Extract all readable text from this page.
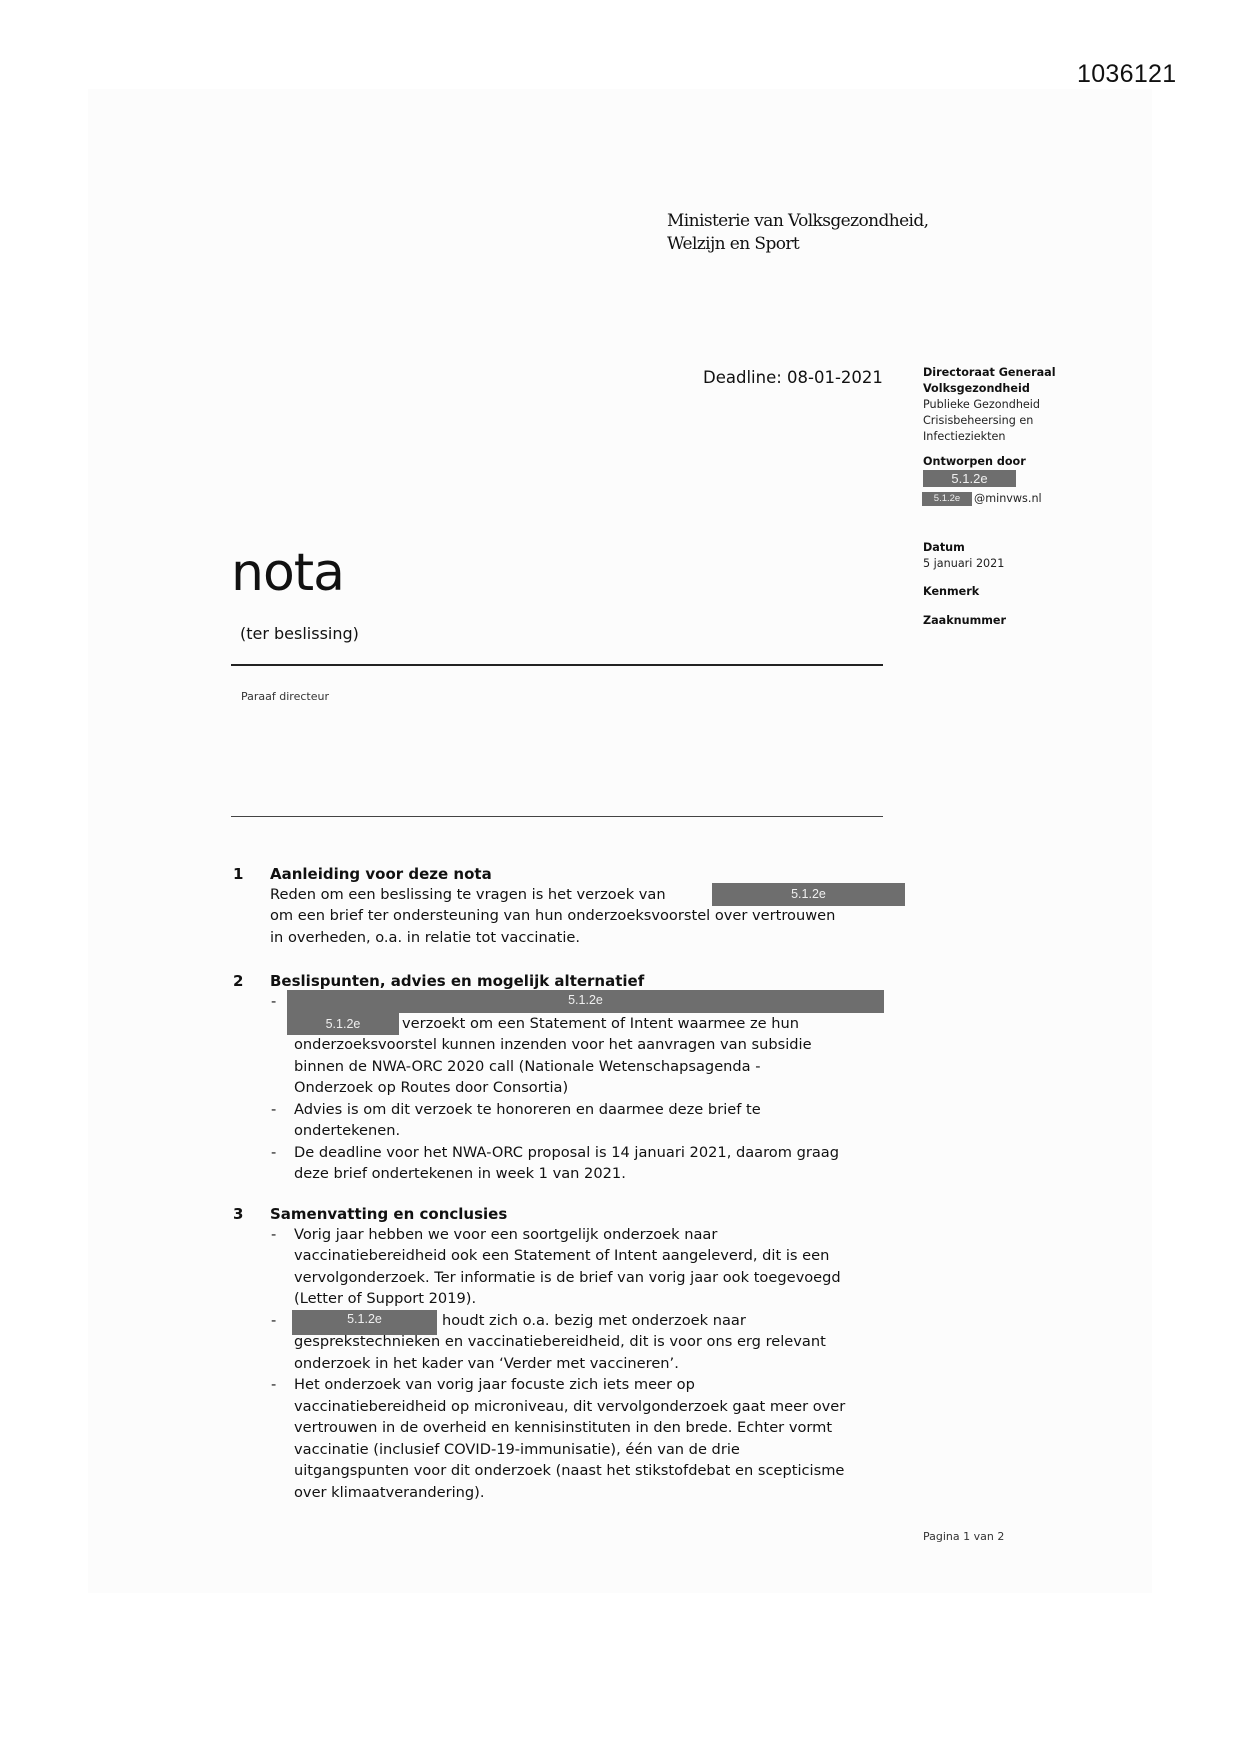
1036121
Ministerie van Volksgezondheid,
Welzijn en Sport
Deadline: 08-01-2021	Directoraat Generaal
Volksgezondheid
Publieke Gezondheid
Crisisbeheersing en
Infectieziekten
Ontworpen door
5.1.2e
5.1.2e	@minvws.nl
Datum
5 januari 2021
Kenmerk
Zaaknummer
nota
(ter beslissing)
Paraaf directeur
1 Aanleiding voor deze nota
Reden om een beslissing te vragen is het verzoek van	5.1.2e
om een brief ter ondersteuning van hun onderzoeksvoorstel over vertrouwen
in overheden, o.a. in relatie tot vaccinatie.
2 Beslispunten, advies en mogelijk alternatief
-	5.1.2e
5.1.2e	verzoekt om een Statement of Intent waarmee ze hun
onderzoeksvoorstel kunnen inzenden voor het aanvragen van subsidie
binnen de NWA-ORC 2020 call (Nationale Wetenschapsagenda -
Onderzoek op Routes door Consortia)
- Advies is om dit verzoek te honoreren en daarmee deze brief te
ondertekenen.
- De deadline voor het NWA-ORC proposal is 14 januari 2021, daarom graag
deze brief ondertekenen in week 1 van 2021.
3 Samenvatting en conclusies
- Vorig jaar hebben we voor een soortgelijk onderzoek naar
vaccinatiebereidheid ook een Statement of Intent aangeleverd, dit is een
vervolgonderzoek. Ter informatie is de brief van vorig jaar ook toegevoegd
(Letter of Support 2019).
-	5.1.2e	houdt zich o.a. bezig met onderzoek naar
gesprekstechnieken en vaccinatiebereidheid, dit is voor ons erg relevant
onderzoek in het kader van ‘Verder met vaccineren’.
- Het onderzoek van vorig jaar focuste zich iets meer op
vaccinatiebereidheid op microniveau, dit vervolgonderzoek gaat meer over
vertrouwen in de overheid en kennisinstituten in den brede. Echter vormt
vaccinatie (inclusief COVID-19-immunisatie), één van de drie
uitgangspunten voor dit onderzoek (naast het stikstofdebat en scepticisme
over klimaatverandering).
Pagina 1 van 2
